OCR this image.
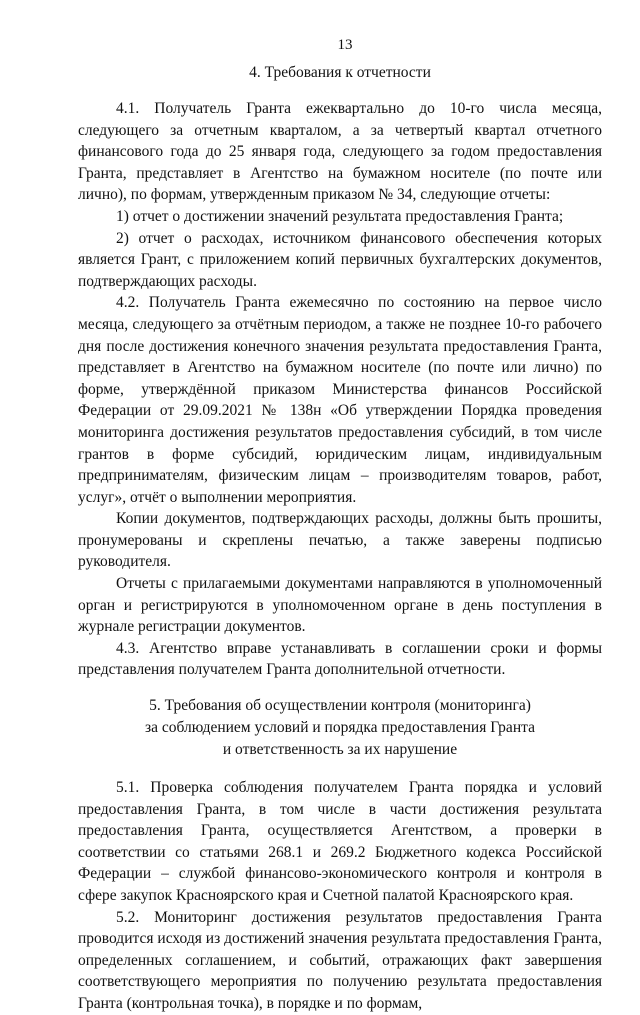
13
4. Требования к отчетности

4.1. Получатель Гранта ежеквартально до 10-го числа месяца, следующего за отчетным кварталом, а за четвертый квартал отчетного финансового года до 25 января года, следующего за годом предоставления Гранта, представляет в Агентство на бумажном носителе (по почте или лично), по формам, утвержденным приказом № 34, следующие отчеты:

1) отчет о достижении значений результата предоставления Гранта;

2) отчет о расходах, источником финансового обеспечения которых является Грант, с приложением копий первичных бухгалтерских документов, подтверждающих расходы.

4.2. Получатель Гранта ежемесячно по состоянию на первое число месяца, следующего за отчётным периодом, а также не позднее 10-го рабочего дня после достижения конечного значения результата предоставления Гранта, представляет в Агентство на бумажном носителе (по почте или лично) по форме, утверждённой приказом Министерства финансов Российской Федерации от 29.09.2021 № 138н «Об утверждении Порядка проведения мониторинга достижения результатов предоставления субсидий, в том числе грантов в форме субсидий, юридическим лицам, индивидуальным предпринимателям, физическим лицам – производителям товаров, работ, услуг», отчёт о выполнении мероприятия.

Копии документов, подтверждающих расходы, должны быть прошиты, пронумерованы и скреплены печатью, а также заверены подписью руководителя.

Отчеты с прилагаемыми документами направляются в уполномоченный орган и регистрируются в уполномоченном органе в день поступления в журнале регистрации документов.

4.3. Агентство вправе устанавливать в соглашении сроки и формы представления получателем Гранта дополнительной отчетности.

5. Требования об осуществлении контроля (мониторинга)
за соблюдением условий и порядка предоставления Гранта
и ответственность за их нарушение

5.1. Проверка соблюдения получателем Гранта порядка и условий предоставления Гранта, в том числе в части достижения результата предоставления Гранта, осуществляется Агентством, а проверки в соответствии со статьями 268.1 и 269.2 Бюджетного кодекса Российской Федерации – службой финансово-экономического контроля и контроля в сфере закупок Красноярского края и Счетной палатой Красноярского края.

5.2. Мониторинг достижения результатов предоставления Гранта проводится исходя из достижений значения результата предоставления Гранта, определенных соглашением, и событий, отражающих факт завершения соответствующего мероприятия по получению результата предоставления Гранта (контрольная точка), в порядке и по формам,
